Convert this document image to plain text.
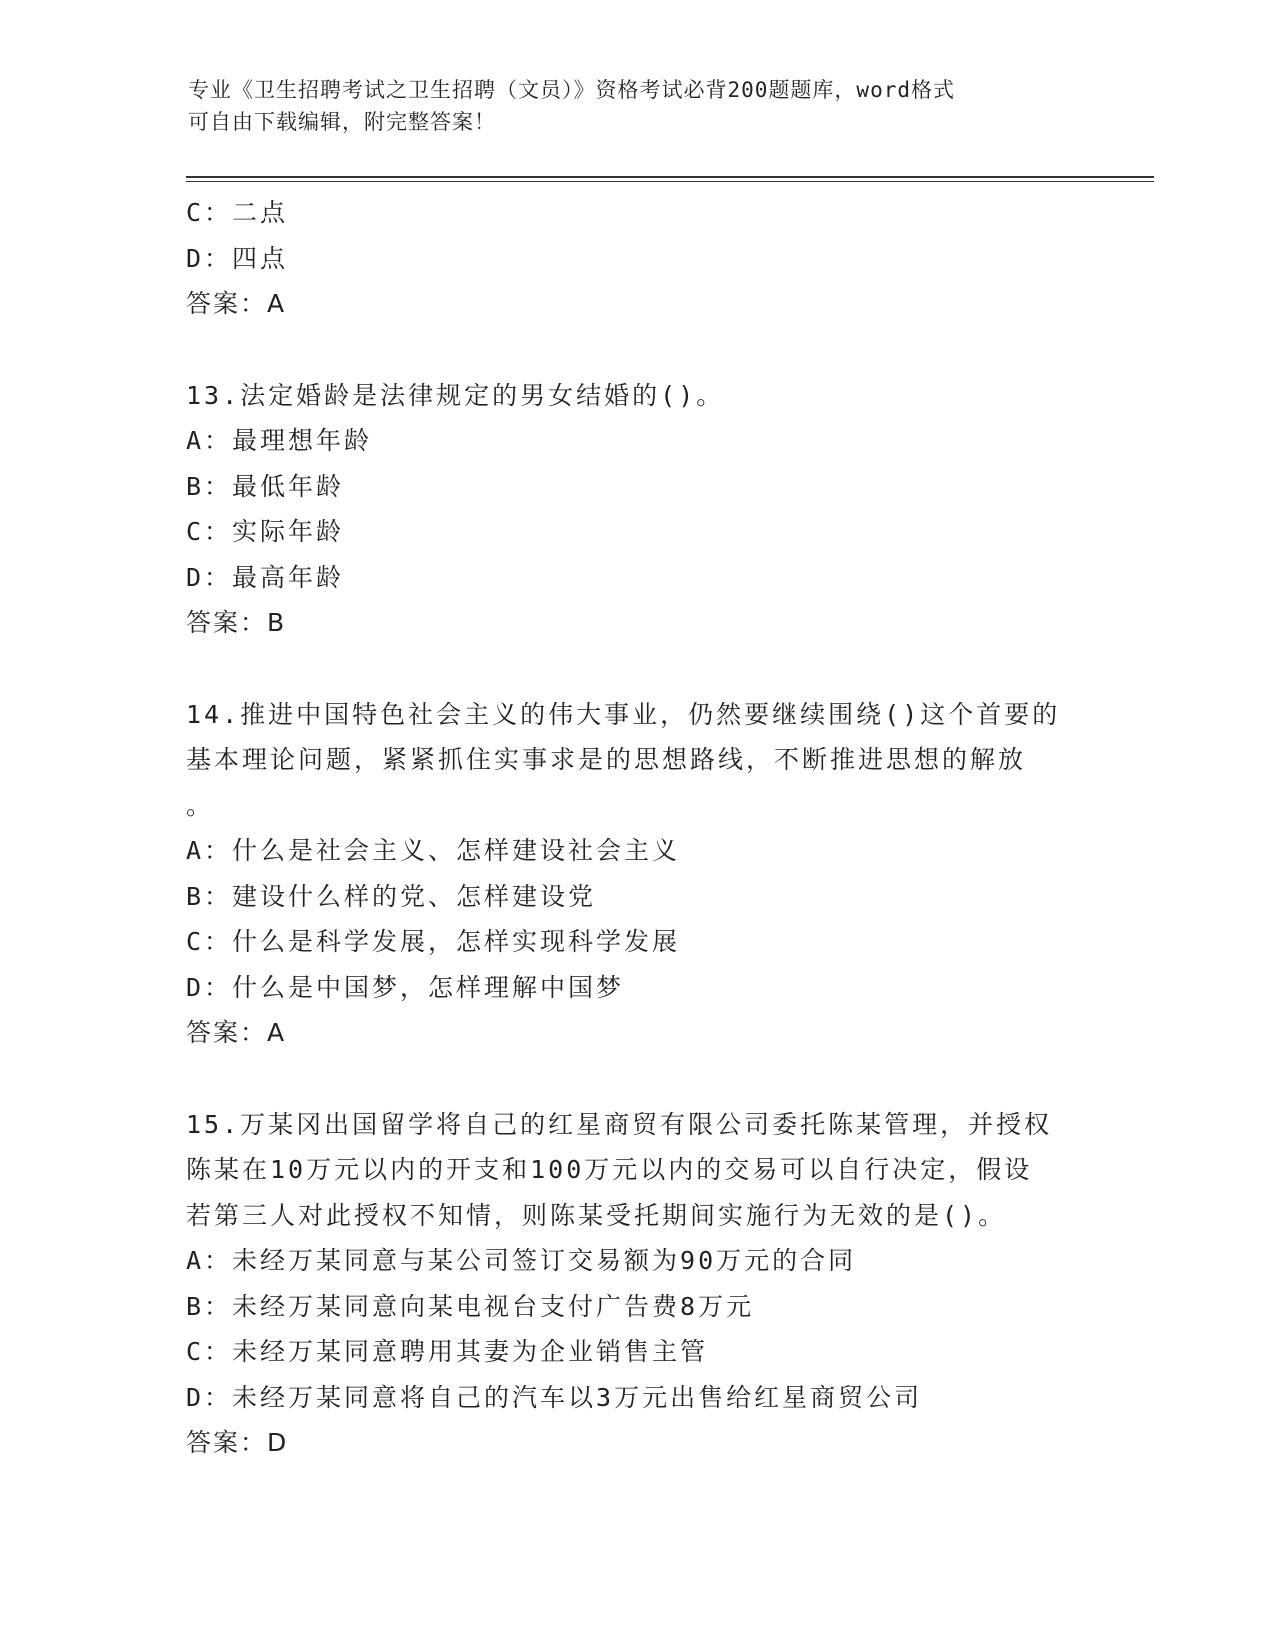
专业《卫生招聘考试之卫生招聘（文员）》资格考试必背200题题库，word格式
可自由下载编辑，附完整答案！
C：二点
D：四点
答案：A
13.法定婚龄是法律规定的男女结婚的()。
A：最理想年龄
B：最低年龄
C：实际年龄
D：最高年龄
答案：B
14.推进中国特色社会主义的伟大事业，仍然要继续围绕()这个首要的
基本理论问题，紧紧抓住实事求是的思想路线，不断推进思想的解放
。
A：什么是社会主义、怎样建设社会主义
B：建设什么样的党、怎样建设党
C：什么是科学发展，怎样实现科学发展
D：什么是中国梦，怎样理解中国梦
答案：A
15.万某冈出国留学将自己的红星商贸有限公司委托陈某管理，并授权
陈某在10万元以内的开支和100万元以内的交易可以自行决定，假设
若第三人对此授权不知情，则陈某受托期间实施行为无效的是()。
A：未经万某同意与某公司签订交易额为90万元的合同
B：未经万某同意向某电视台支付广告费8万元
C：未经万某同意聘用其妻为企业销售主管
D：未经万某同意将自己的汽车以3万元出售给红星商贸公司
答案：D
